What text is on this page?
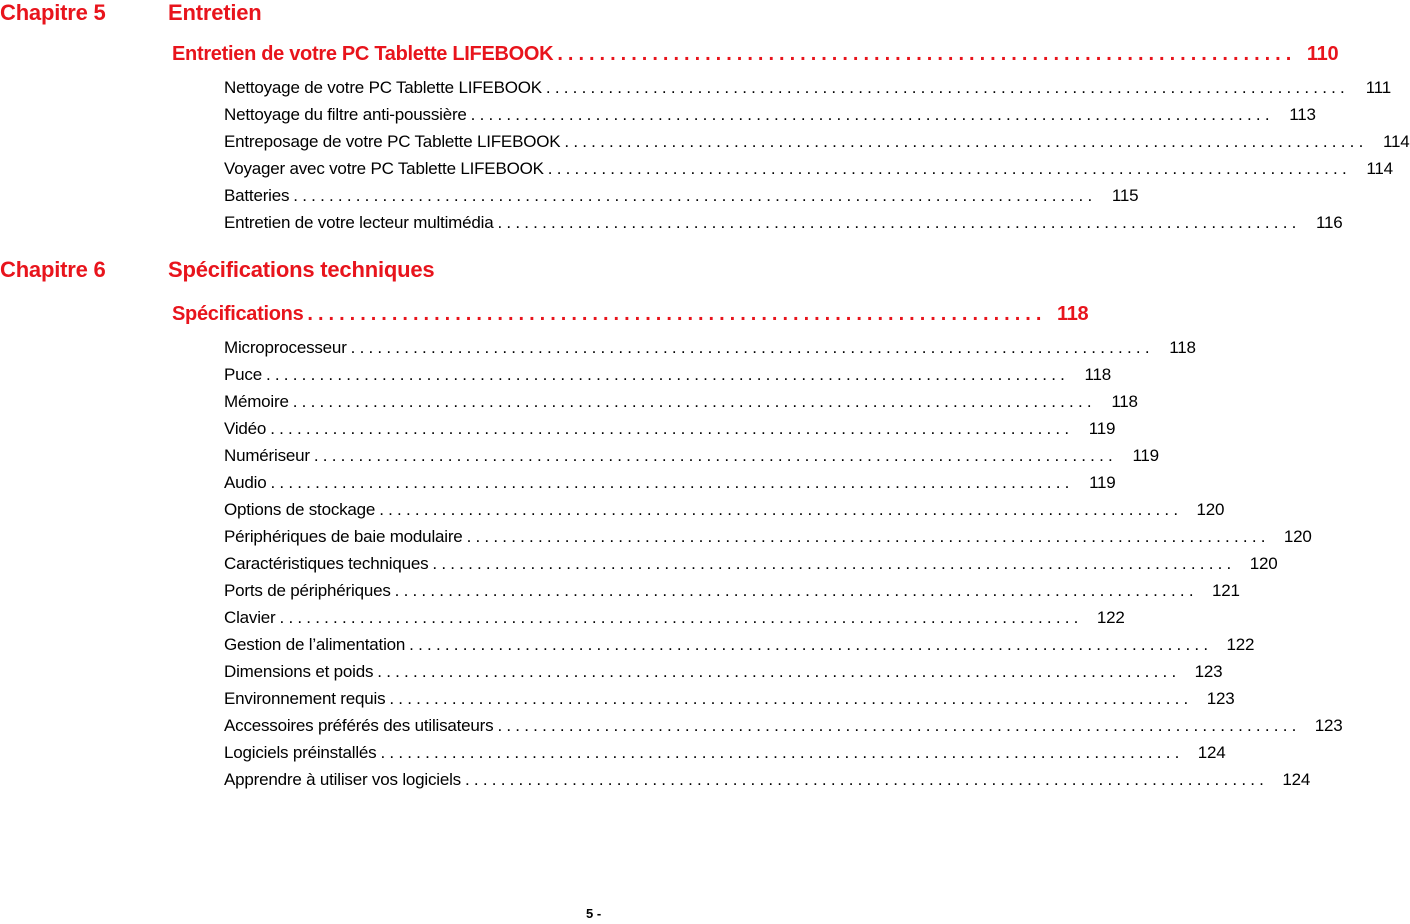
Chapitre 5	Entretien
Entretien de votre PC Tablette LIFEBOOK ...................................................................... 110
Nettoyage de votre PC Tablette LIFEBOOK .......................................................................................... 111
Nettoyage du filtre anti-poussière .......................................................................................... 113
Entreposage de votre PC Tablette LIFEBOOK .......................................................................................... 114
Voyager avec votre PC Tablette LIFEBOOK .......................................................................................... 114
Batteries .......................................................................................... 115
Entretien de votre lecteur multimédia .......................................................................................... 116
Chapitre 6	Spécifications techniques
Spécifications ...................................................................... 118
Microprocesseur .......................................................................................... 118
Puce .......................................................................................... 118
Mémoire .......................................................................................... 118
Vidéo .......................................................................................... 119
Numériseur .......................................................................................... 119
Audio .......................................................................................... 119
Options de stockage .......................................................................................... 120
Périphériques de baie modulaire .......................................................................................... 120
Caractéristiques techniques .......................................................................................... 120
Ports de périphériques .......................................................................................... 121
Clavier .......................................................................................... 122
Gestion de l’alimentation .......................................................................................... 122
Dimensions et poids .......................................................................................... 123
Environnement requis .......................................................................................... 123
Accessoires préférés des utilisateurs .......................................................................................... 123
Logiciels préinstallés .......................................................................................... 124
Apprendre à utiliser vos logiciels .......................................................................................... 124
5 -
